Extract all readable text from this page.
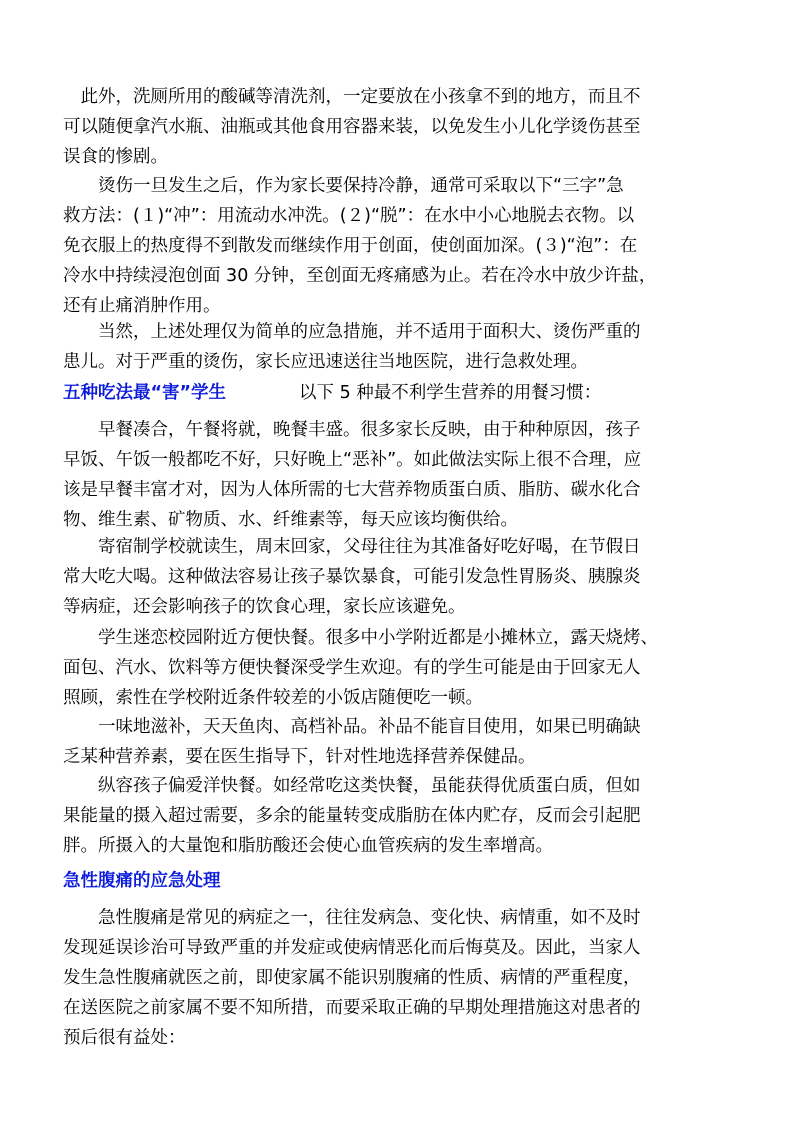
　此外，洗厕所用的酸碱等清洗剂，一定要放在小孩拿不到的地方，而且不
可以随便拿汽水瓶、油瓶或其他食用容器来装，以免发生小儿化学烫伤甚至
误食的惨剧。

　　烫伤一旦发生之后，作为家长要保持冷静，通常可采取以下“三字”急
救方法：(１)“冲”：用流动水冲洗。(２)“脱”：在水中小心地脱去衣物。以
免衣服上的热度得不到散发而继续作用于创面，使创面加深。(３)“泡”：在
冷水中持续浸泡创面 30 分钟，至创面无疼痛感为止。若在冷水中放少许盐，
还有止痛消肿作用。

　　当然，上述处理仅为简单的应急措施，并不适用于面积大、烫伤严重的
患儿。对于严重的烫伤，家长应迅速送往当地医院，进行急救处理。

五种吃法最“害”学生	以下 5 种最不利学生营养的用餐习惯：

　　早餐凑合，午餐将就，晚餐丰盛。很多家长反映，由于种种原因，孩子
早饭、午饭一般都吃不好，只好晚上“恶补”。如此做法实际上很不合理，应
该是早餐丰富才对，因为人体所需的七大营养物质蛋白质、脂肪、碳水化合
物、维生素、矿物质、水、纤维素等，每天应该均衡供给。

　　寄宿制学校就读生，周末回家，父母往往为其准备好吃好喝，在节假日
常大吃大喝。这种做法容易让孩子暴饮暴食，可能引发急性胃肠炎、胰腺炎
等病症，还会影响孩子的饮食心理，家长应该避免。

　　学生迷恋校园附近方便快餐。很多中小学附近都是小摊林立，露天烧烤、
面包、汽水、饮料等方便快餐深受学生欢迎。有的学生可能是由于回家无人
照顾，索性在学校附近条件较差的小饭店随便吃一顿。

　　一味地滋补，天天鱼肉、高档补品。补品不能盲目使用，如果已明确缺
乏某种营养素，要在医生指导下，针对性地选择营养保健品。

　　纵容孩子偏爱洋快餐。如经常吃这类快餐，虽能获得优质蛋白质，但如
果能量的摄入超过需要，多余的能量转变成脂肪在体内贮存，反而会引起肥
胖。所摄入的大量饱和脂肪酸还会使心血管疾病的发生率增高。

急性腹痛的应急处理

　　急性腹痛是常见的病症之一，往往发病急、变化快、病情重，如不及时
发现延误诊治可导致严重的并发症或使病情恶化而后悔莫及。因此，当家人
发生急性腹痛就医之前，即使家属不能识别腹痛的性质、病情的严重程度，
在送医院之前家属不要不知所措，而要采取正确的早期处理措施这对患者的
预后很有益处：
